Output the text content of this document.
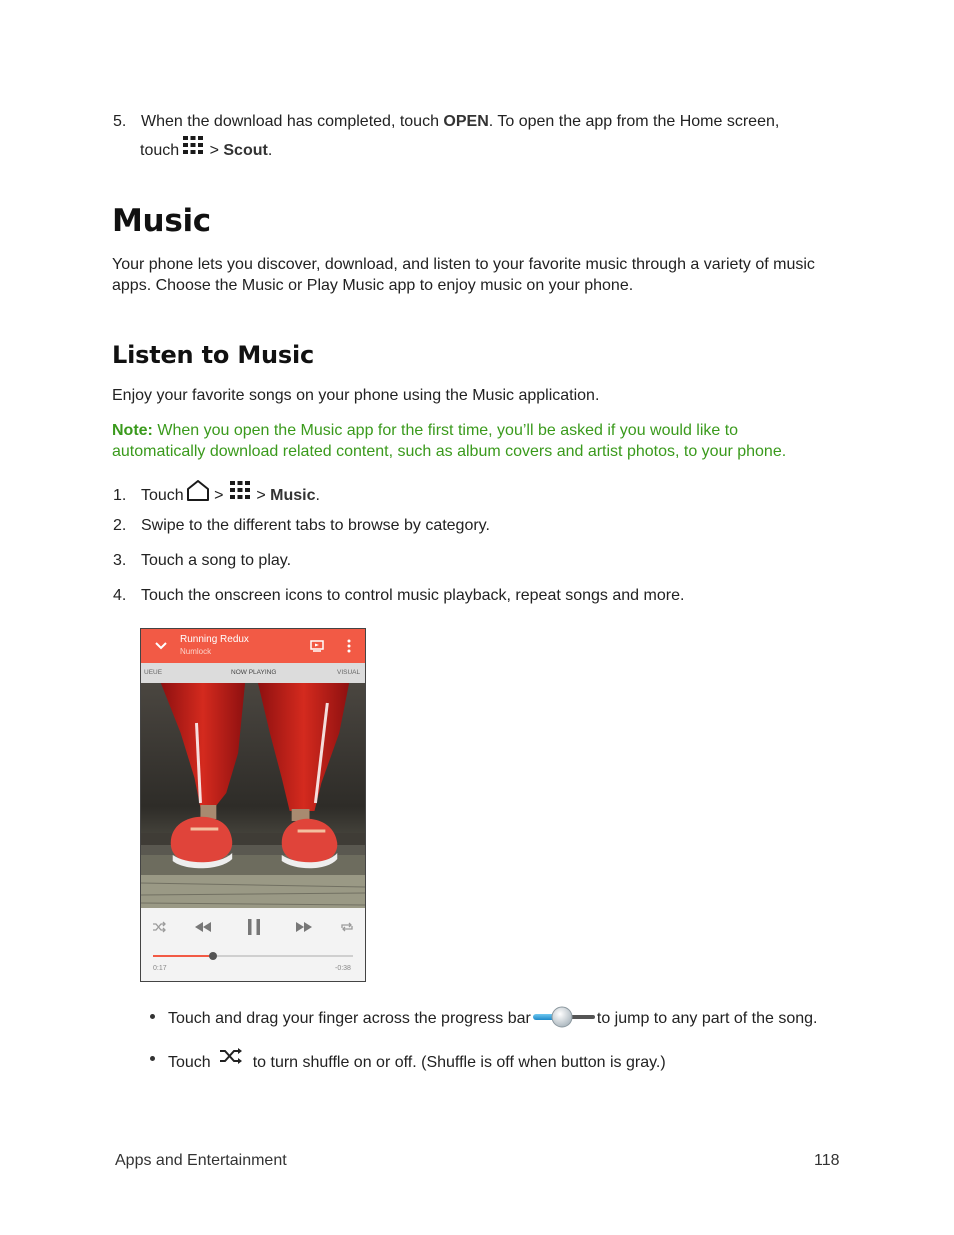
5. When the download has completed, touch OPEN. To open the app from the Home screen,
touch > Scout.
Music
Your phone lets you discover, download, and listen to your favorite music through a variety of music
apps. Choose the Music or Play Music app to enjoy music on your phone.
Listen to Music
Enjoy your favorite songs on your phone using the Music application.
Note: When you open the Music app for the first time, you’ll be asked if you would like to
automatically download related content, such as album covers and artist photos, to your phone.
1. Touch >  > Music.
2. Swipe to the different tabs to browse by category.
3. Touch a song to play.
4. Touch the onscreen icons to control music playback, repeat songs and more.
Running Redux
Numlock
UEUE	NOW PLAYING	VISUAL
0:17	-0:38
Touch and drag your finger across the progress bar	to jump to any part of the song.
Touch	to turn shuffle on or off. (Shuffle is off when button is gray.)
Apps and Entertainment	118
